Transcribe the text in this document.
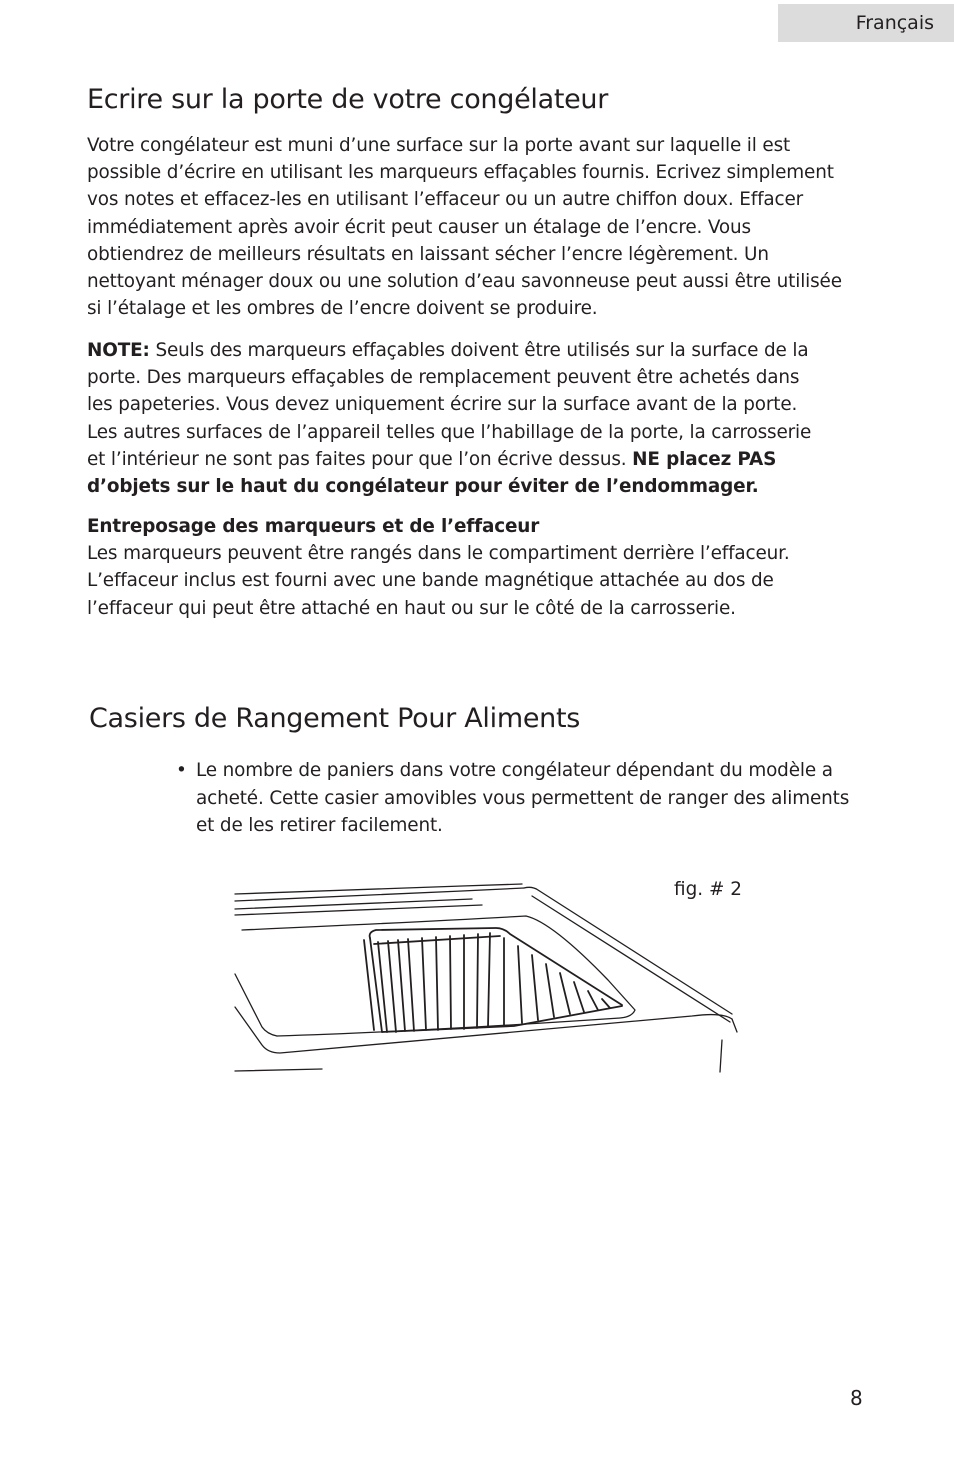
Français
Ecrire sur la porte de votre congélateur

Votre congélateur est muni d’une surface sur la porte avant sur laquelle il est
possible d’écrire en utilisant les marqueurs effaçables fournis. Ecrivez simplement
vos notes et effacez-les en utilisant l’effaceur ou un autre chiffon doux. Effacer
immédiatement après avoir écrit peut causer un étalage de l’encre. Vous
obtiendrez de meilleurs résultats en laissant sécher l’encre légèrement. Un
nettoyant ménager doux ou une solution d’eau savonneuse peut aussi être utilisée
si l’étalage et les ombres de l’encre doivent se produire.

NOTE: Seuls des marqueurs effaçables doivent être utilisés sur la surface de la
porte. Des marqueurs effaçables de remplacement peuvent être achetés dans
les papeteries. Vous devez uniquement écrire sur la surface avant de la porte.
Les autres surfaces de l’appareil telles que l’habillage de la porte, la carrosserie
et l’intérieur ne sont pas faites pour que l’on écrive dessus. NE placez PAS
d’objets sur le haut du congélateur pour éviter de l’endommager.

Entreposage des marqueurs et de l’effaceur
Les marqueurs peuvent être rangés dans le compartiment derrière l’effaceur.
L’effaceur inclus est fourni avec une bande magnétique attachée au dos de
l’effaceur qui peut être attaché en haut ou sur le côté de la carrosserie.

Casiers de Rangement Pour Aliments
• Le nombre de paniers dans votre congélateur dépendant du modèle a
acheté. Cette casier amovibles vous permettent de ranger des aliments
et de les retirer facilement.
fig. # 2
8
